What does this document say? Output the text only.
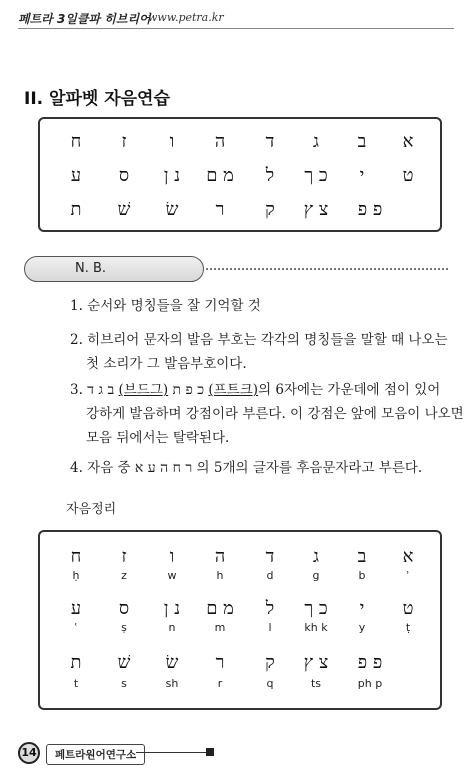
페트라 3일클파 히브리어
www.petra.kr
II. 알파벳 자음연습
א
ב
ג
ד
ה
ו
ז
ח
ט
י
כ ך
ל
מ ם
נ ן
ס
ע
פ פ
צ ץ
ק
ר
שׂ
שׁ
ת
N. B.
1. 순서와 명칭들을 잘 기억할 것
2. 히브리어 문자의 발음 부호는 각각의 명칭들을 말할 때 나오는
첫 소리가 그 발음부호이다.
3. ב ג ד (브드그) כ פ ת (프트크)의 6자에는 가운데에 점이 있어
강하게 발음하며 강점이라 부른다. 이 강점은 앞에 모음이 나오면
모음 뒤에서는 탈락된다.
4. 자음 중 ר ח ה ע א 의 5개의 글자를 후음문자라고 부른다.
자음정리
א
ב
ג
ד
ה
ו
ז
ח
ʾ
b
g
d
h
w
z
ḥ
ט
י
כ ך
ל
מ ם
נ ן
ס
ע
ṭ
y
kh k
l
m
n
ṣ
ʿ
פ פ
צ ץ
ק
ר
שׂ
שׁ
ת
ph p
ts
q
r
sh
s
t
14	페트라원어연구소
